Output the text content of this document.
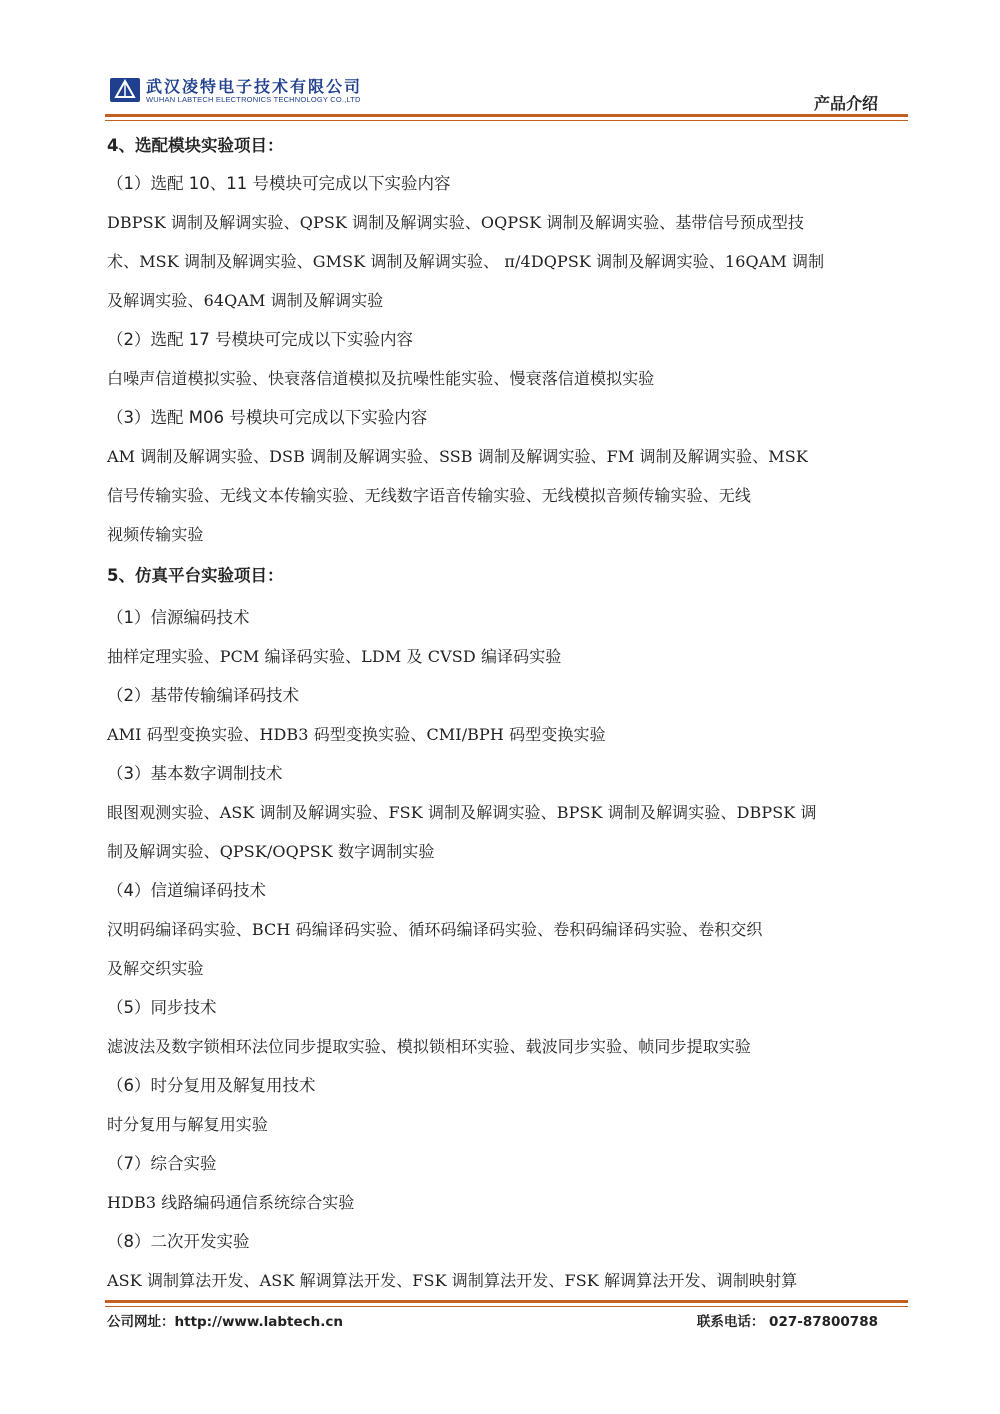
武汉凌特电子技术有限公司
WUHAN LABTECH ELECTRONICS TECHNOLOGY CO.,LTD	产品介绍
4、选配模块实验项目：
（1）选配 10、11 号模块可完成以下实验内容
DBPSK 调制及解调实验、QPSK 调制及解调实验、OQPSK 调制及解调实验、基带信号预成型技
术、MSK 调制及解调实验、GMSK 调制及解调实验、 π/4DQPSK 调制及解调实验、16QAM 调制
及解调实验、64QAM 调制及解调实验
（2）选配 17 号模块可完成以下实验内容
白噪声信道模拟实验、快衰落信道模拟及抗噪性能实验、慢衰落信道模拟实验
（3）选配 M06 号模块可完成以下实验内容
AM 调制及解调实验、DSB 调制及解调实验、SSB 调制及解调实验、FM 调制及解调实验、MSK
信号传输实验、无线文本传输实验、无线数字语音传输实验、无线模拟音频传输实验、无线
视频传输实验
5、仿真平台实验项目：
（1）信源编码技术
抽样定理实验、PCM 编译码实验、LDM 及 CVSD 编译码实验
（2）基带传输编译码技术
AMI 码型变换实验、HDB3 码型变换实验、CMI/BPH 码型变换实验
（3）基本数字调制技术
眼图观测实验、ASK 调制及解调实验、FSK 调制及解调实验、BPSK 调制及解调实验、DBPSK 调
制及解调实验、QPSK/OQPSK 数字调制实验
（4）信道编译码技术
汉明码编译码实验、BCH 码编译码实验、循环码编译码实验、卷积码编译码实验、卷积交织
及解交织实验
（5）同步技术
滤波法及数字锁相环法位同步提取实验、模拟锁相环实验、载波同步实验、帧同步提取实验
（6）时分复用及解复用技术
时分复用与解复用实验
（7）综合实验
HDB3 线路编码通信系统综合实验
（8）二次开发实验
ASK 调制算法开发、ASK 解调算法开发、FSK 调制算法开发、FSK 解调算法开发、调制映射算
公司网址：http://www.labtech.cn	联系电话： 027-87800788
